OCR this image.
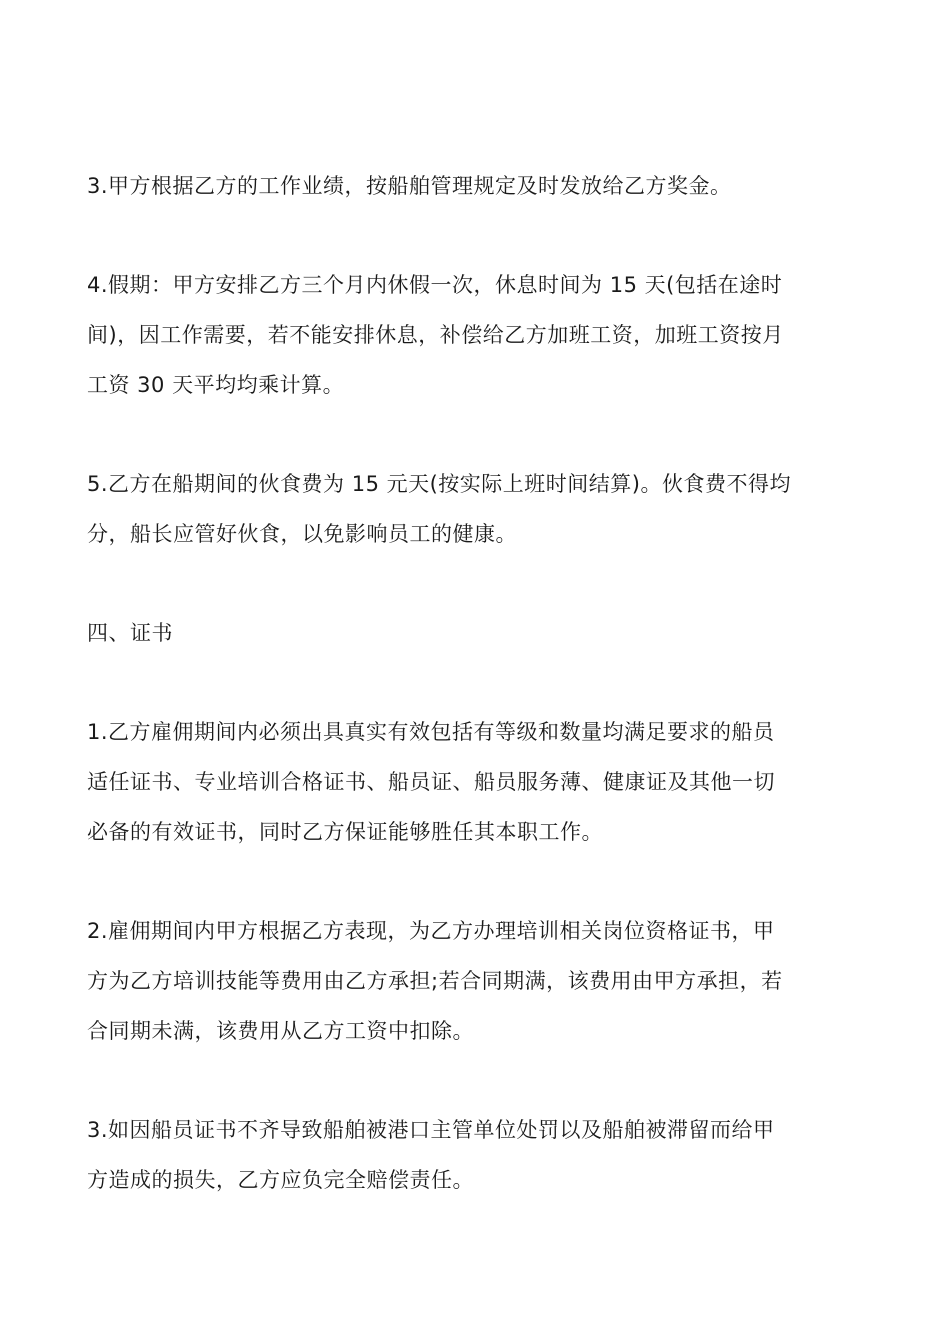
3.甲方根据乙方的工作业绩，按船舶管理规定及时发放给乙方奖金。

4.假期：甲方安排乙方三个月内休假一次，休息时间为 15 天(包括在途时
间)，因工作需要，若不能安排休息，补偿给乙方加班工资，加班工资按月
工资 30 天平均均乘计算。

5.乙方在船期间的伙食费为 15 元天(按实际上班时间结算)。伙食费不得均
分，船长应管好伙食，以免影响员工的健康。

四、证书

1.乙方雇佣期间内必须出具真实有效包括有等级和数量均满足要求的船员
适任证书、专业培训合格证书、船员证、船员服务薄、健康证及其他一切
必备的有效证书，同时乙方保证能够胜任其本职工作。

2.雇佣期间内甲方根据乙方表现，为乙方办理培训相关岗位资格证书，甲
方为乙方培训技能等费用由乙方承担;若合同期满，该费用由甲方承担，若
合同期未满，该费用从乙方工资中扣除。

3.如因船员证书不齐导致船舶被港口主管单位处罚以及船舶被滞留而给甲
方造成的损失，乙方应负完全赔偿责任。
